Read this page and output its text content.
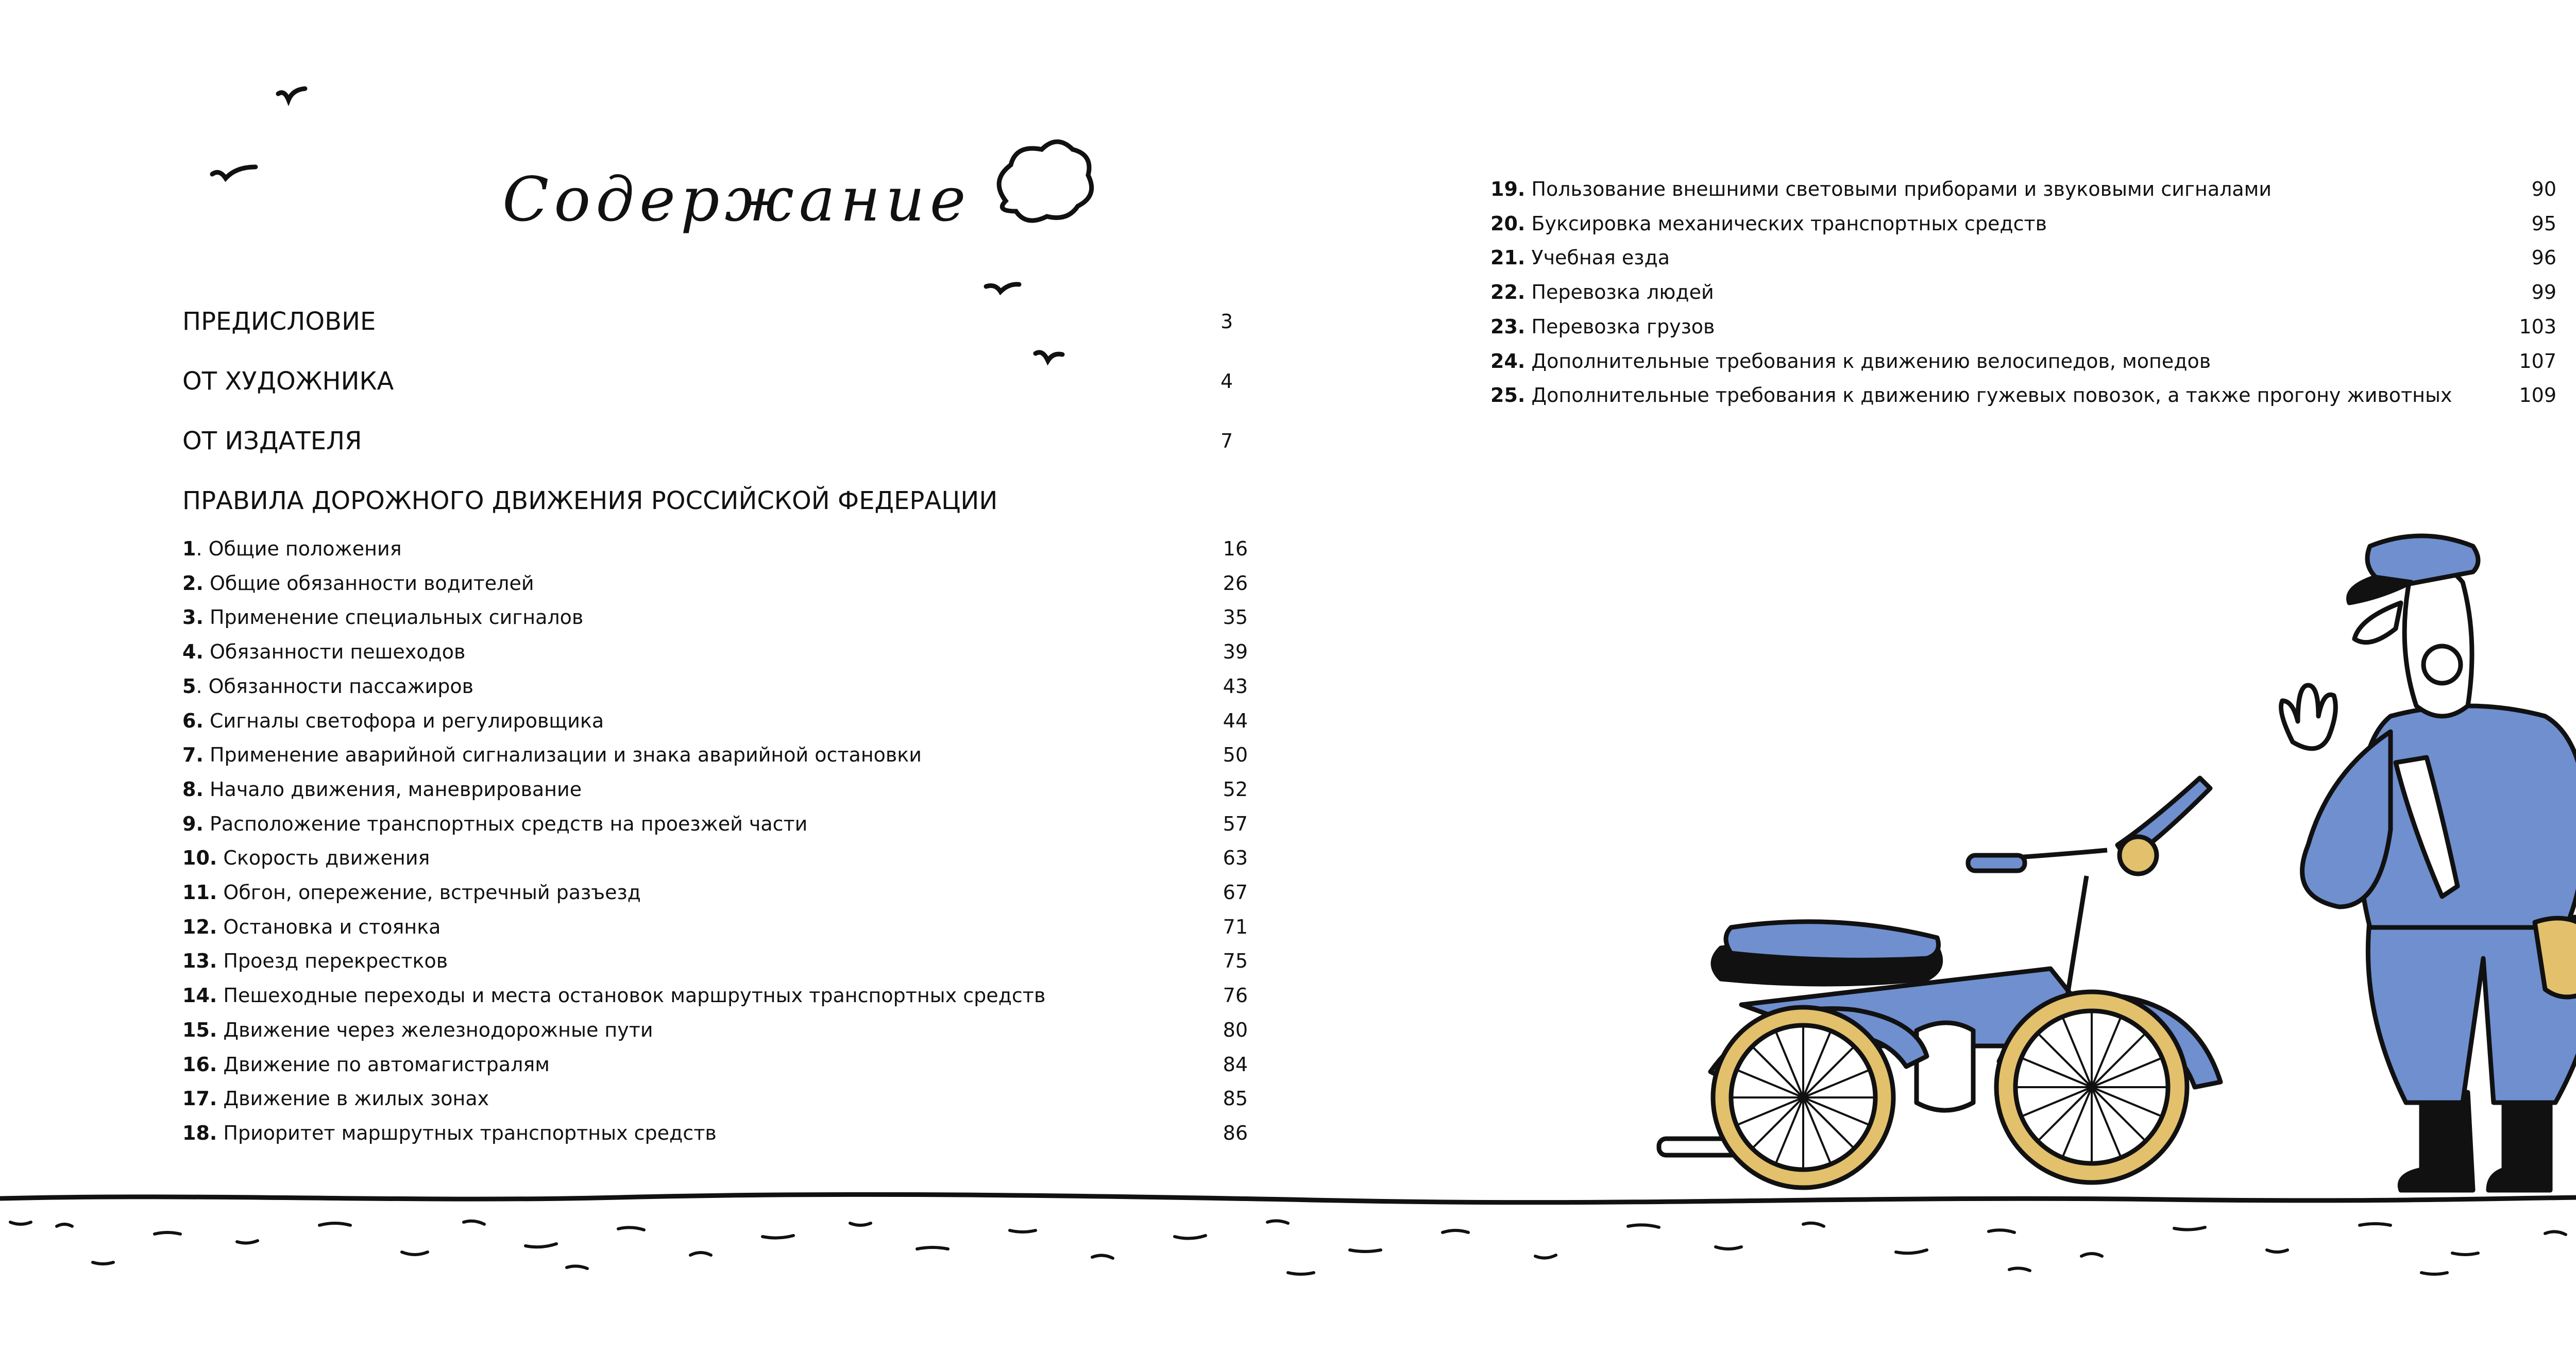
Содержание
ПРЕДИСЛОВИЕ	3
ОТ ХУДОЖНИКА	4
ОТ ИЗДАТЕЛЯ	7
ПРАВИЛА ДОРОЖНОГО ДВИЖЕНИЯ РОССИЙСКОЙ ФЕДЕРАЦИИ
1. Общие положения	16
2. Общие обязанности водителей	26
3. Применение специальных сигналов	35
4. Обязанности пешеходов	39
5. Обязанности пассажиров	43
6. Сигналы светофора и регулировщика	44
7. Применение аварийной сигнализации и знака аварийной остановки	50
8. Начало движения, маневрирование	52
9. Расположение транспортных средств на проезжей части	57
10. Скорость движения	63
11. Обгон, опережение, встречный разъезд	67
12. Остановка и стоянка	71
13. Проезд перекрестков	75
14. Пешеходные переходы и места остановок маршрутных транспортных средств	76
15. Движение через железнодорожные пути	80
16. Движение по автомагистралям	84
17. Движение в жилых зонах	85
18. Приоритет маршрутных транспортных средств	86
19. Пользование внешними световыми приборами и звуковыми сигналами	90
20. Буксировка механических транспортных средств	95
21. Учебная езда	96
22. Перевозка людей	99
23. Перевозка грузов	103
24. Дополнительные требования к движению велосипедов, мопедов	107
25. Дополнительные требования к движению гужевых повозок, а также прогону животных	109
